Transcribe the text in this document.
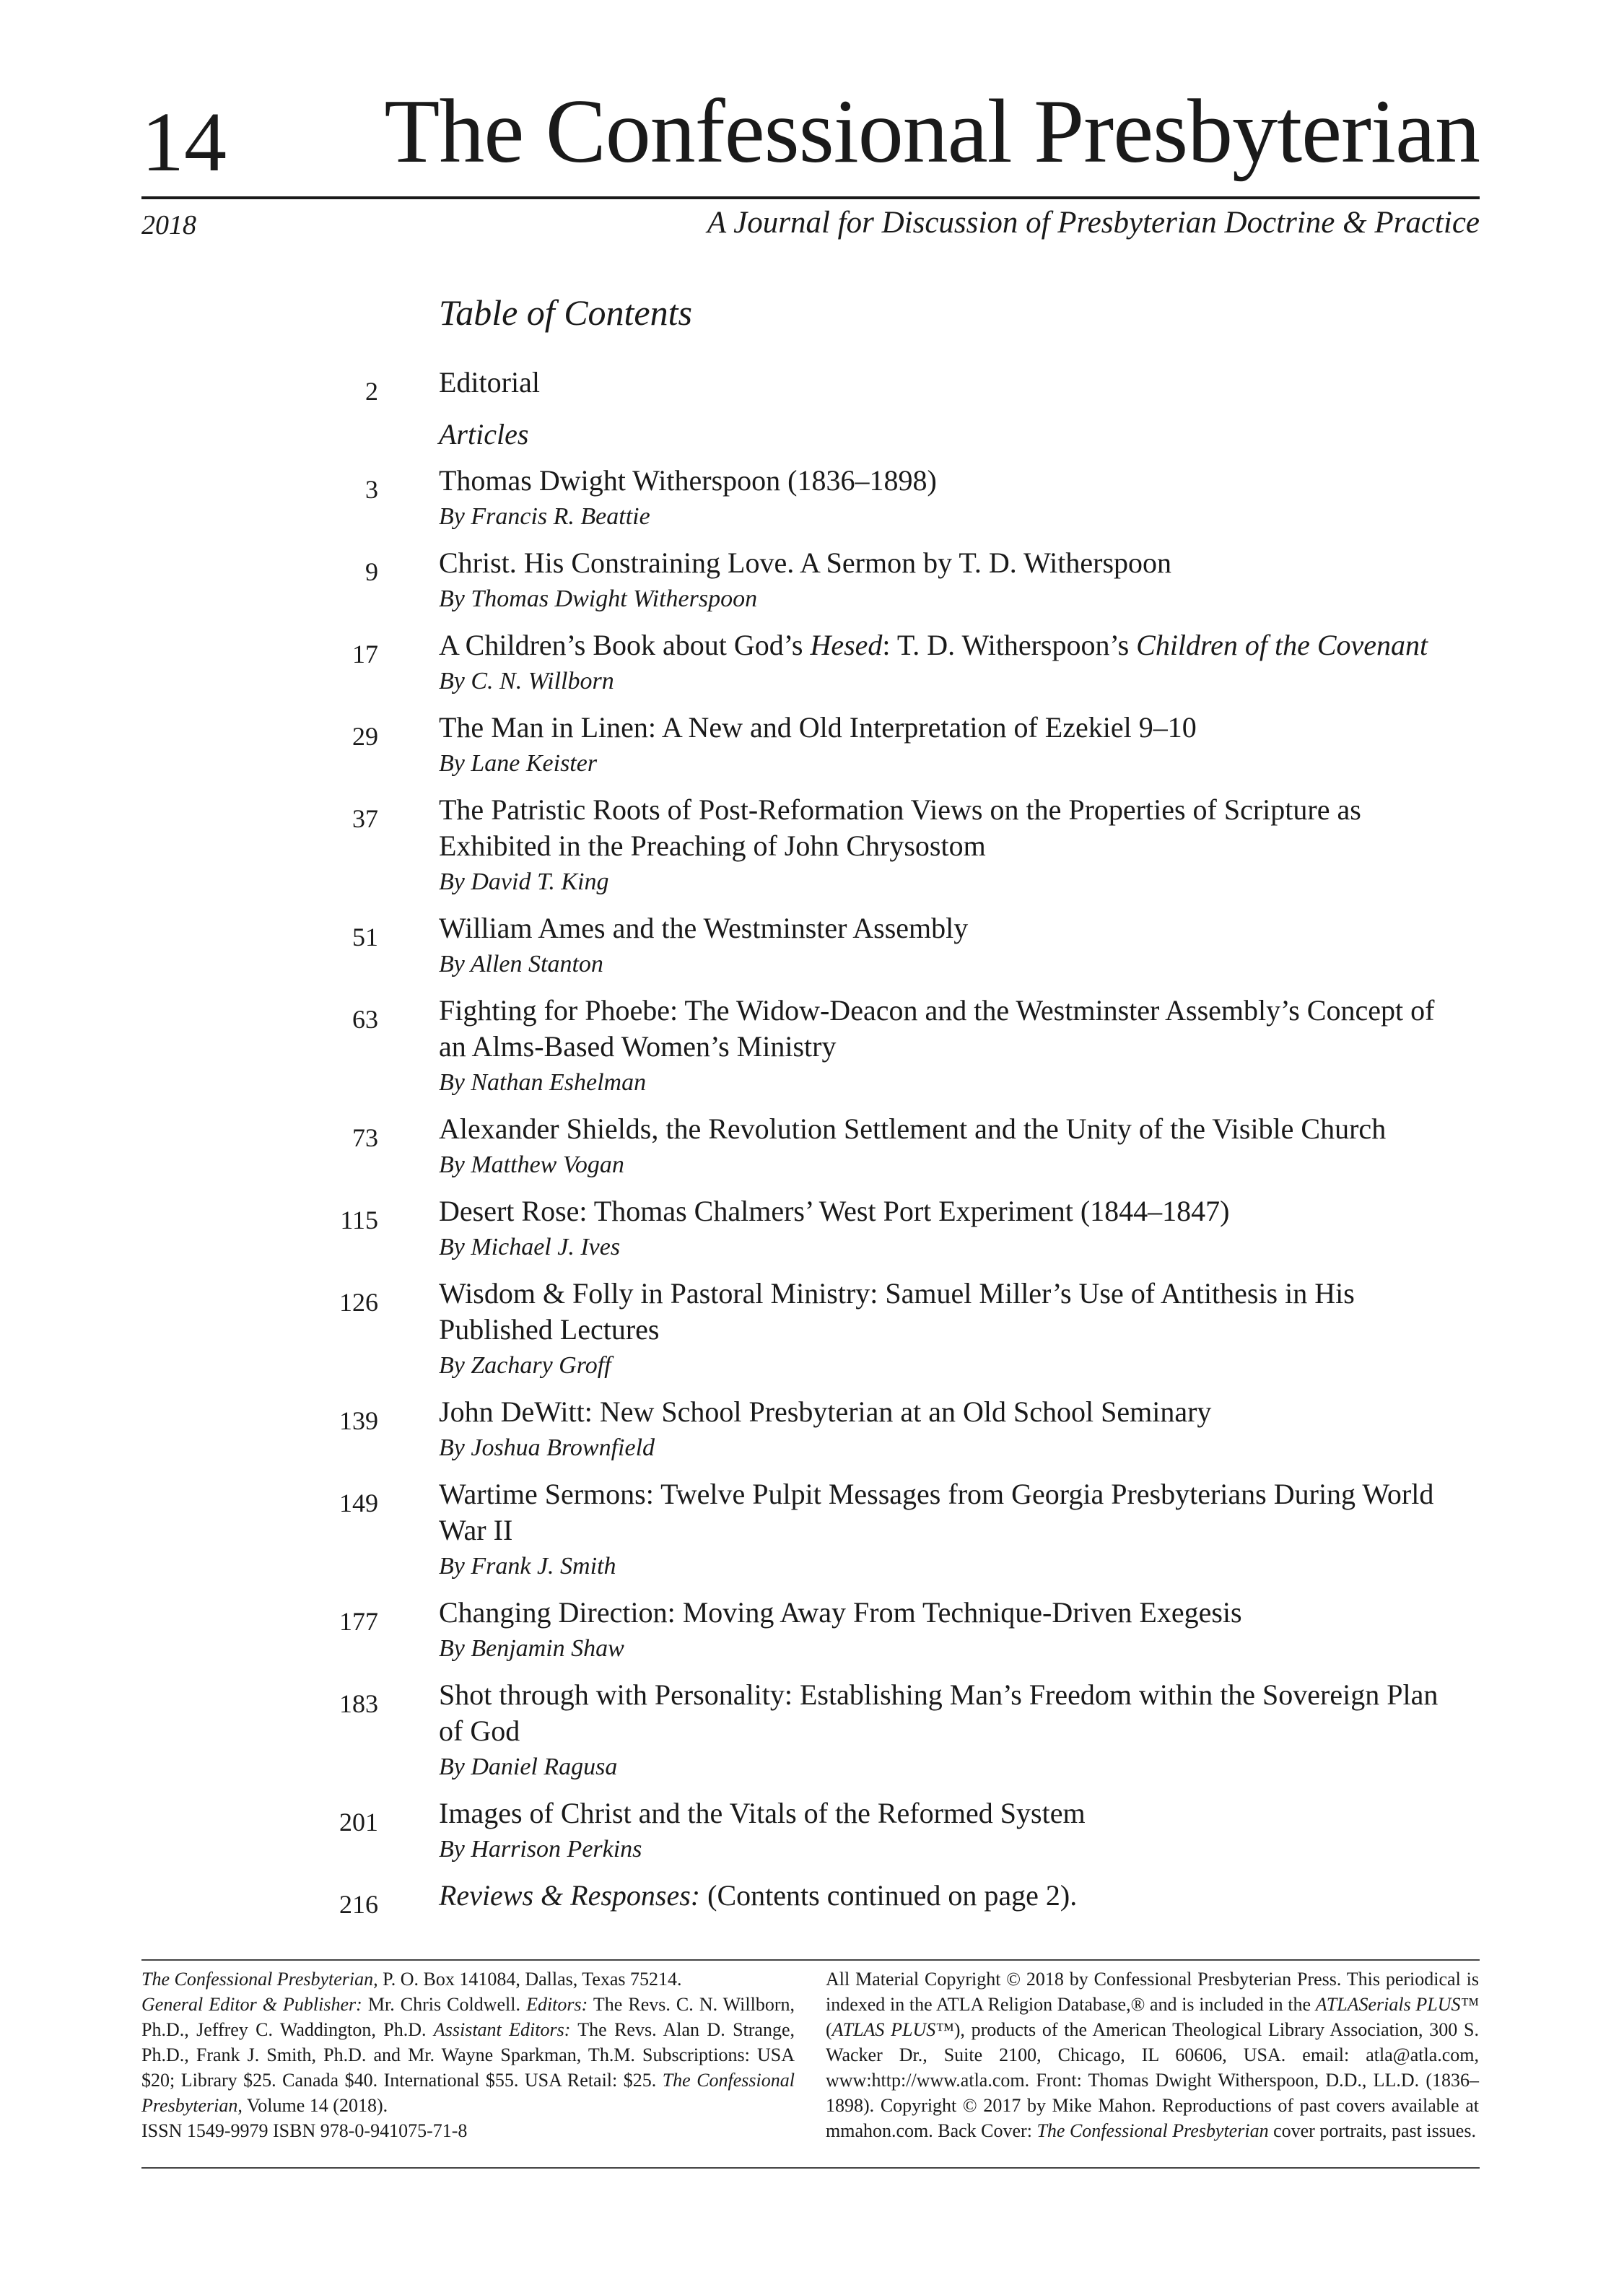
14 The Confessional Presbyterian
2018	A Journal for Discussion of Presbyterian Doctrine & Practice
Table of Contents
2 Editorial
Articles
3 Thomas Dwight Witherspoon (1836–1898)
By Francis R. Beattie
9 Christ. His Constraining Love. A Sermon by T. D. Witherspoon
By Thomas Dwight Witherspoon
17 A Children’s Book about God’s Hesed: T. D. Witherspoon’s Children of the Covenant
By C. N. Willborn
29 The Man in Linen: A New and Old Interpretation of Ezekiel 9–10
By Lane Keister
37 The Patristic Roots of Post-Reformation Views on the Properties of Scripture as Exhibited in the Preaching of John Chrysostom
By David T. King
51 William Ames and the Westminster Assembly
By Allen Stanton
63 Fighting for Phoebe: The Widow-Deacon and the Westminster Assembly’s Concept of an Alms-Based Women’s Ministry
By Nathan Eshelman
73 Alexander Shields, the Revolution Settlement and the Unity of the Visible Church
By Matthew Vogan
115 Desert Rose: Thomas Chalmers’ West Port Experiment (1844–1847)
By Michael J. Ives
126 Wisdom & Folly in Pastoral Ministry: Samuel Miller’s Use of Antithesis in His Published Lectures
By Zachary Groff
139 John DeWitt: New School Presbyterian at an Old School Seminary
By Joshua Brownfield
149 Wartime Sermons: Twelve Pulpit Messages from Georgia Presbyterians During World War II
By Frank J. Smith
177 Changing Direction: Moving Away From Technique-Driven Exegesis
By Benjamin Shaw
183 Shot through with Personality: Establishing Man’s Freedom within the Sovereign Plan of God
By Daniel Ragusa
201 Images of Christ and the Vitals of the Reformed System
By Harrison Perkins
216 Reviews & Responses: (Contents continued on page 2).

The Confessional Presbyterian, P. O. Box 141084, Dallas, Texas 75214.
General Editor & Publisher: Mr. Chris Coldwell. Editors: The Revs. C. N. Willborn, Ph.D., Jeffrey C. Waddington, Ph.D. Assistant Editors: The Revs. Alan D. Strange, Ph.D., Frank J. Smith, Ph.D. and Mr. Wayne Sparkman, Th.M. Subscriptions: USA $20; Library $25. Canada $40. International $55. USA Retail: $25. The Confessional Presbyterian, Volume 14 (2018).

ISSN 1549-9979 ISBN 978-0-941075-71-8

All Material Copyright © 2018 by Confessional Presbyterian Press. This periodical is indexed in the ATLA Religion Database,® and is included in the ATLASerials PLUS™ (ATLAS PLUS™), products of the American Theological Library Association, 300 S. Wacker Dr., Suite 2100, Chicago, IL 60606, USA. email: atla@atla.com, www:http://www.atla.com. Front: Thomas Dwight Witherspoon, D.D., LL.D. (1836–1898). Copyright © 2017 by Mike Mahon. Reproductions of past covers available at mmahon.com. Back Cover: The Confessional Presbyterian cover portraits, past issues.
